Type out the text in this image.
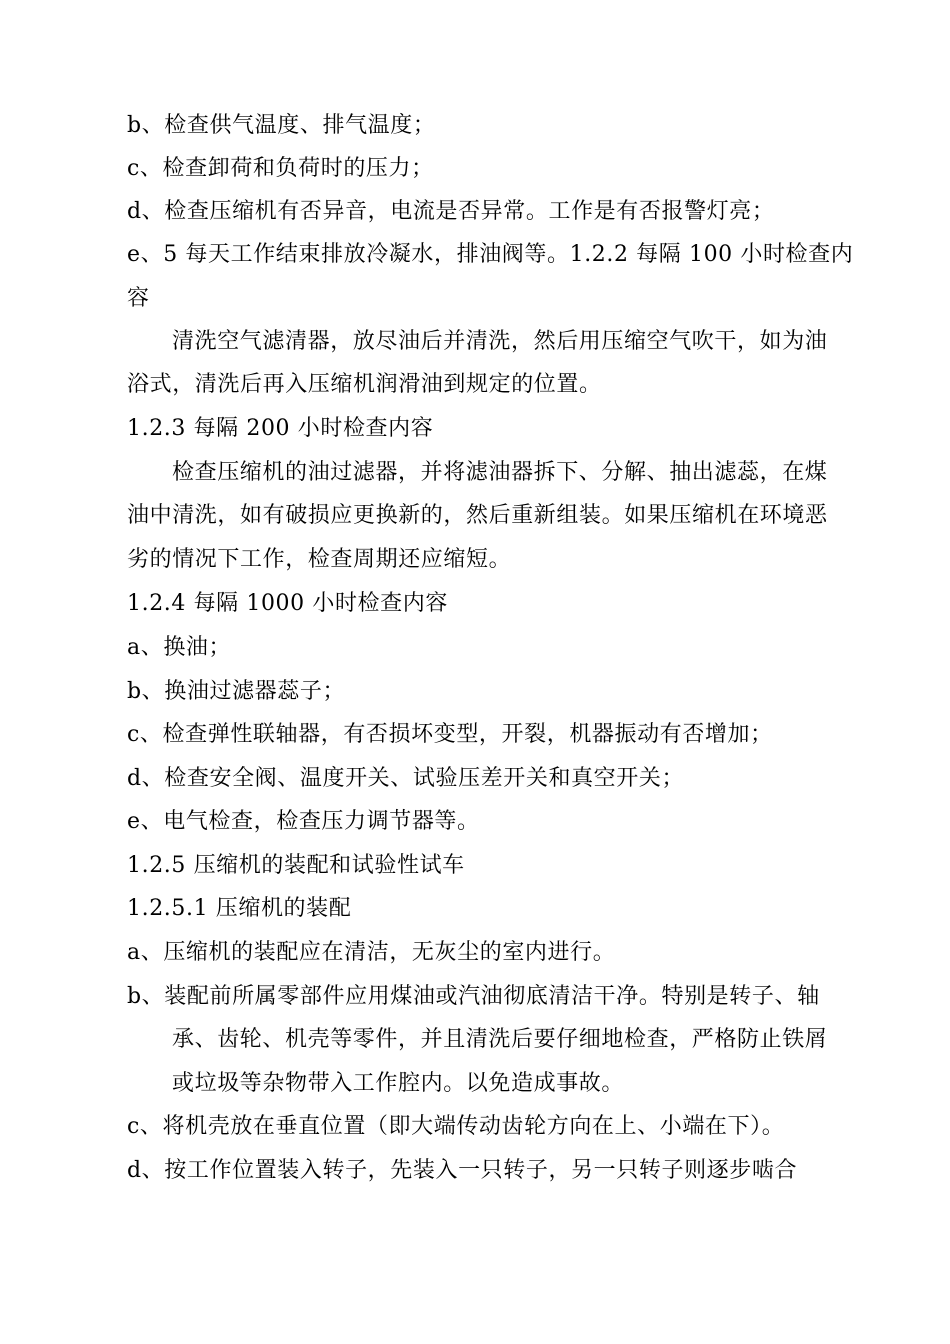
b、检查供气温度、排气温度；
c、检查卸荷和负荷时的压力；
d、检查压缩机有否异音，电流是否异常。工作是有否报警灯亮；
e、5 每天工作结束排放冷凝水，排油阀等。1.2.2 每隔 100 小时检查内
容
清洗空气滤清器，放尽油后并清洗，然后用压缩空气吹干，如为油
浴式，清洗后再入压缩机润滑油到规定的位置。
1.2.3 每隔 200 小时检查内容
检查压缩机的油过滤器，并将滤油器拆下、分解、抽出滤蕊，在煤
油中清洗，如有破损应更换新的，然后重新组装。如果压缩机在环境恶
劣的情况下工作，检查周期还应缩短。
1.2.4 每隔 1000 小时检查内容
a、换油；
b、换油过滤器蕊子；
c、检查弹性联轴器，有否损坏变型，开裂，机器振动有否增加；
d、检查安全阀、温度开关、试验压差开关和真空开关；
e、电气检查，检查压力调节器等。
1.2.5 压缩机的装配和试验性试车
1.2.5.1 压缩机的装配
a、压缩机的装配应在清洁，无灰尘的室内进行。
b、装配前所属零部件应用煤油或汽油彻底清洁干净。特别是转子、轴
承、齿轮、机壳等零件，并且清洗后要仔细地检查，严格防止铁屑
或垃圾等杂物带入工作腔内。以免造成事故。
c、将机壳放在垂直位置（即大端传动齿轮方向在上、小端在下）。
d、按工作位置装入转子，先装入一只转子，另一只转子则逐步啮合
